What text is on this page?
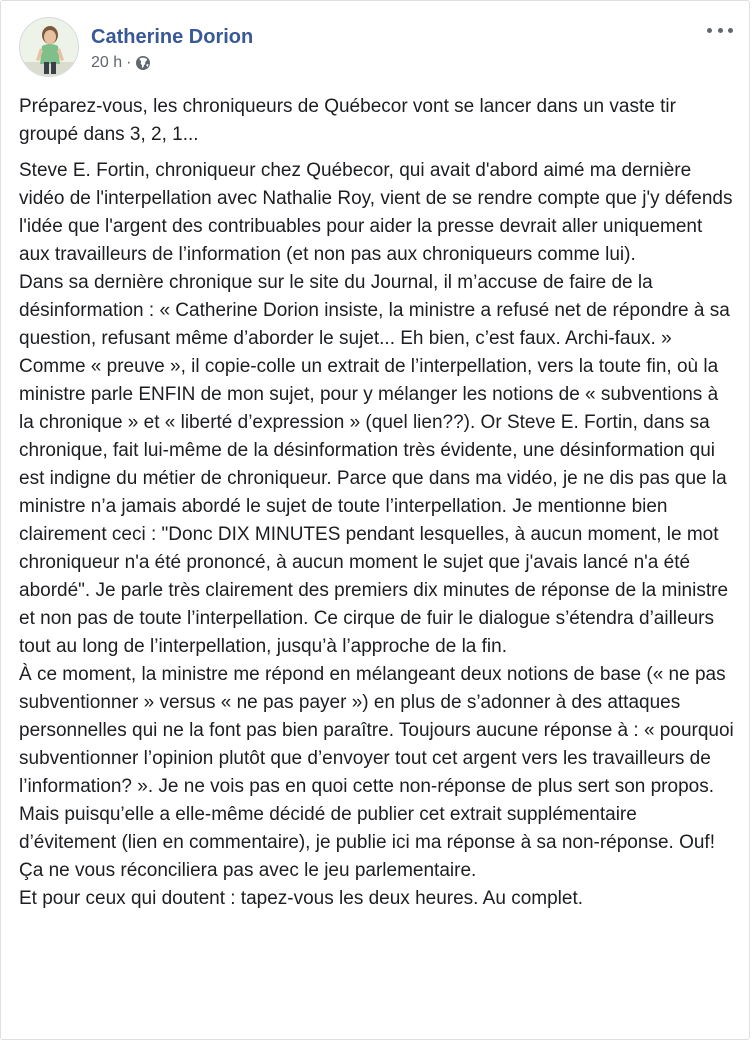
Catherine Dorion
20 h ·

Préparez-vous, les chroniqueurs de Québecor vont se lancer dans un vaste tir groupé dans 3, 2, 1...

Steve E. Fortin, chroniqueur chez Québecor, qui avait d'abord aimé ma dernière vidéo de l'interpellation avec Nathalie Roy, vient de se rendre compte que j'y défends l'idée que l'argent des contribuables pour aider la presse devrait aller uniquement aux travailleurs de l’information (et non pas aux chroniqueurs comme lui).

Dans sa dernière chronique sur le site du Journal, il m’accuse de faire de la désinformation : « Catherine Dorion insiste, la ministre a refusé net de répondre à sa question, refusant même d’aborder le sujet... Eh bien, c’est faux. Archi-faux. » Comme « preuve », il copie-colle un extrait de l’interpellation, vers la toute fin, où la ministre parle ENFIN de mon sujet, pour y mélanger les notions de « subventions à la chronique » et « liberté d’expression » (quel lien??). Or Steve E. Fortin, dans sa chronique, fait lui-même de la désinformation très évidente, une désinformation qui est indigne du métier de chroniqueur. Parce que dans ma vidéo, je ne dis pas que la ministre n’a jamais abordé le sujet de toute l’interpellation. Je mentionne bien clairement ceci : "Donc DIX MINUTES pendant lesquelles, à aucun moment, le mot chroniqueur n'a été prononcé, à aucun moment le sujet que j'avais lancé n'a été abordé". Je parle très clairement des premiers dix minutes de réponse de la ministre et non pas de toute l’interpellation. Ce cirque de fuir le dialogue s’étendra d’ailleurs tout au long de l’interpellation, jusqu’à l’approche de la fin.

À ce moment, la ministre me répond en mélangeant deux notions de base (« ne pas subventionner » versus « ne pas payer ») en plus de s’adonner à des attaques personnelles qui ne la font pas bien paraître. Toujours aucune réponse à : « pourquoi subventionner l’opinion plutôt que d’envoyer tout cet argent vers les travailleurs de l’information? ». Je ne vois pas en quoi cette non-réponse de plus sert son propos. Mais puisqu’elle a elle-même décidé de publier cet extrait supplémentaire d’évitement (lien en commentaire), je publie ici ma réponse à sa non-réponse. Ouf! Ça ne vous réconciliera pas avec le jeu parlementaire.

Et pour ceux qui doutent : tapez-vous les deux heures. Au complet.
